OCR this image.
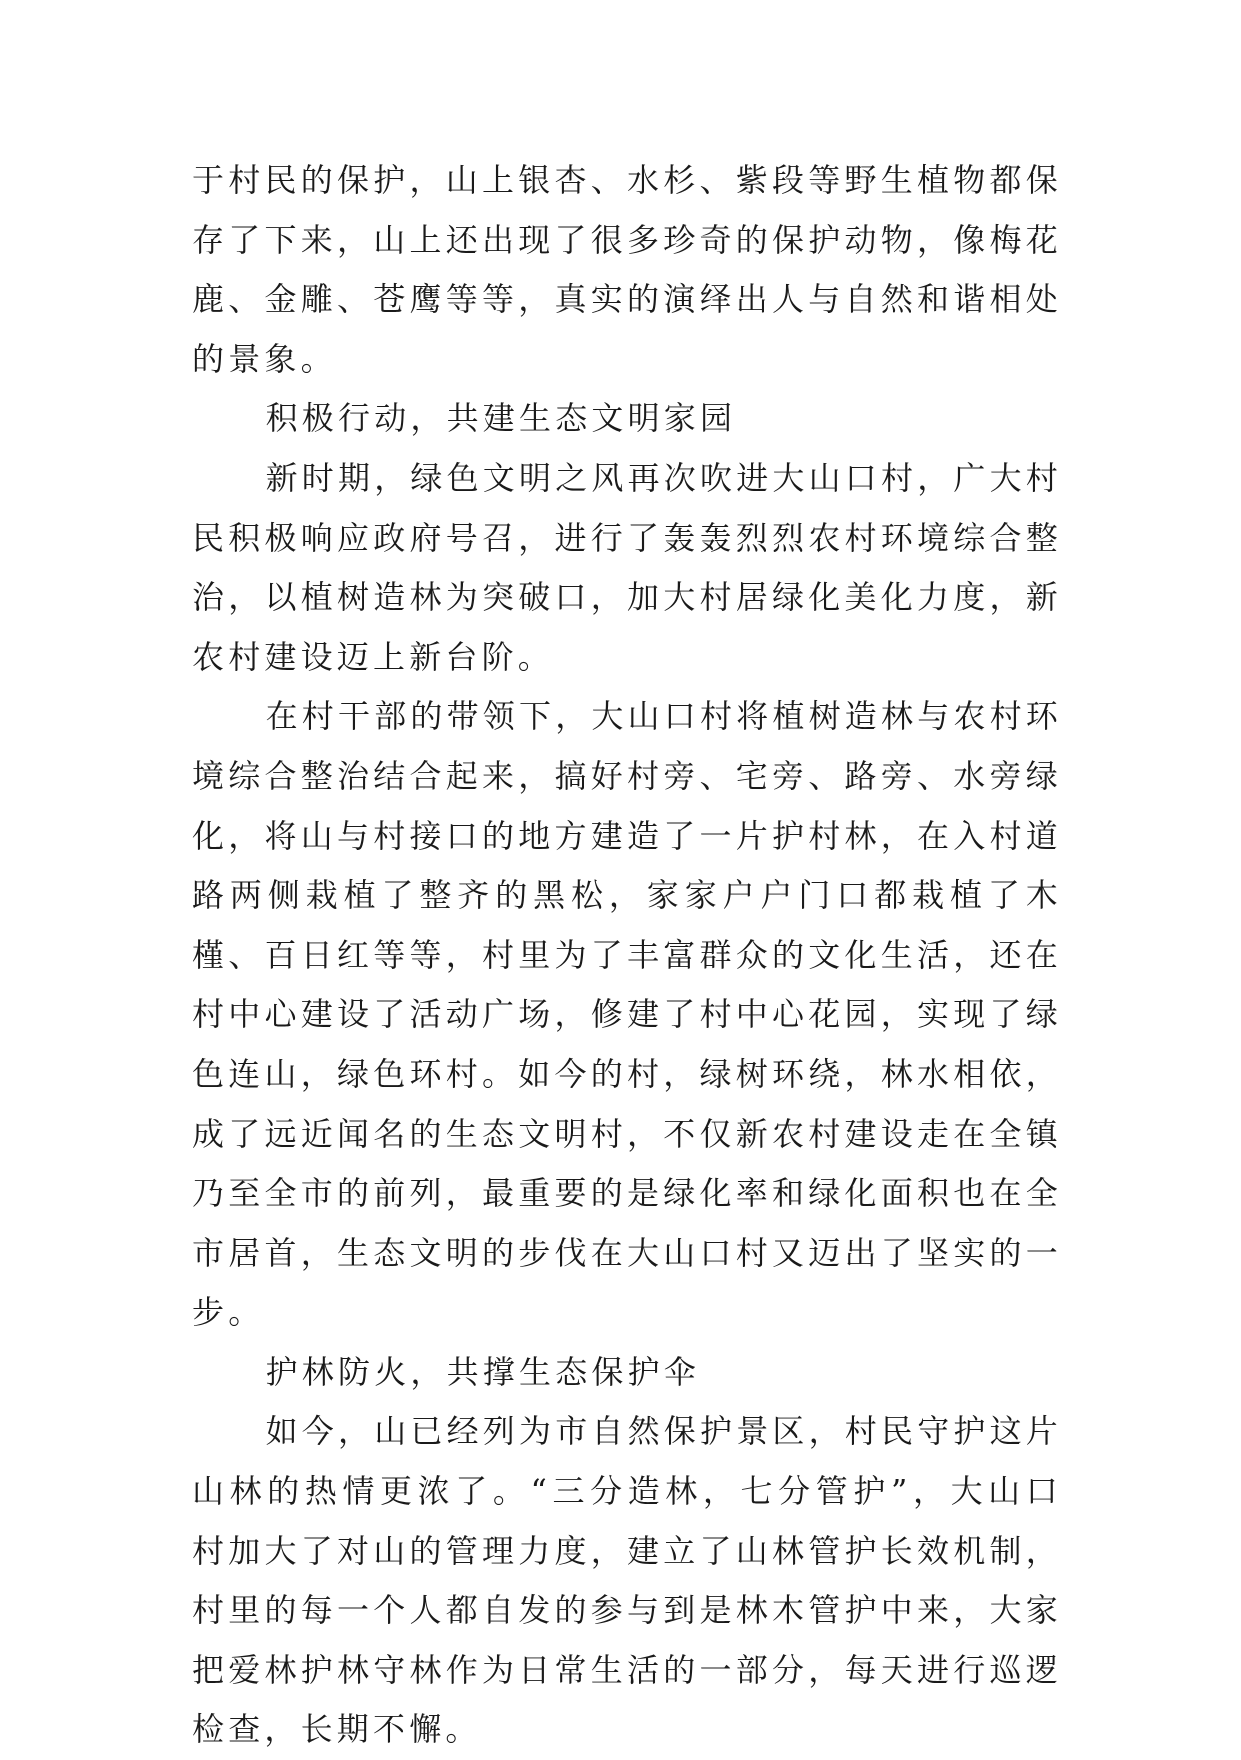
于村民的保护，山上银杏、水杉、紫段等野生植物都保存了下来，山上还出现了很多珍奇的保护动物，像梅花鹿、金雕、苍鹰等等，真实的演绎出人与自然和谐相处的景象。

积极行动，共建生态文明家园

新时期，绿色文明之风再次吹进大山口村，广大村民积极响应政府号召，进行了轰轰烈烈农村环境综合整治，以植树造林为突破口，加大村居绿化美化力度，新农村建设迈上新台阶。

在村干部的带领下，大山口村将植树造林与农村环境综合整治结合起来，搞好村旁、宅旁、路旁、水旁绿化，将山与村接口的地方建造了一片护村林，在入村道路两侧栽植了整齐的黑松，家家户户门口都栽植了木槿、百日红等等，村里为了丰富群众的文化生活，还在村中心建设了活动广场，修建了村中心花园，实现了绿色连山，绿色环村。如今的村，绿树环绕，林水相依，成了远近闻名的生态文明村，不仅新农村建设走在全镇乃至全市的前列，最重要的是绿化率和绿化面积也在全市居首，生态文明的步伐在大山口村又迈出了坚实的一步。

护林防火，共撑生态保护伞

如今，山已经列为市自然保护景区，村民守护这片山林的热情更浓了。“三分造林，七分管护”，大山口村加大了对山的管理力度，建立了山林管护长效机制，村里的每一个人都自发的参与到是林木管护中来，大家把爱林护林守林作为日常生活的一部分，每天进行巡逻检查，长期不懈。
